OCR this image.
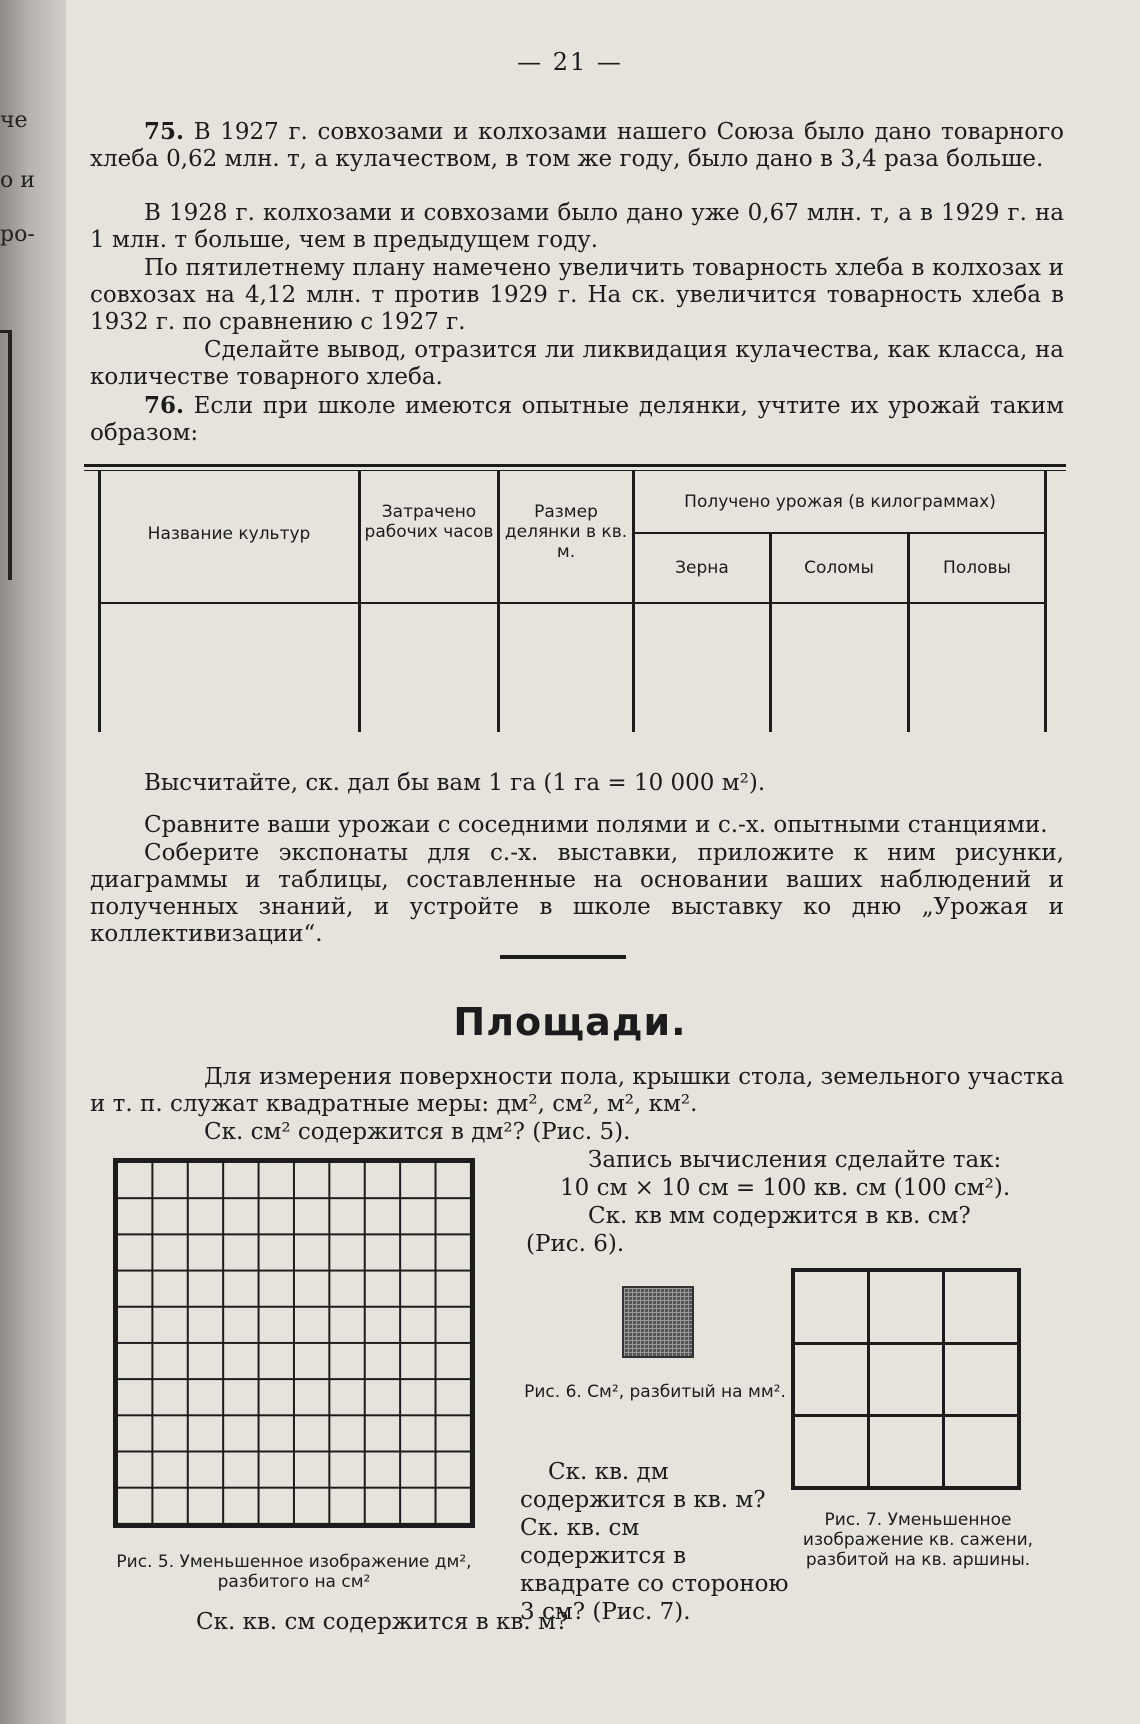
че
о и
ро-
— 21 —
75. В 1927 г. совхозами и колхозами нашего Союза было дано товарного хлеба 0,62 млн. т, а кулачеством, в том же году, было дано в 3,4 раза больше.
В 1928 г. колхозами и совхозами было дано уже 0,67 млн. т, а в 1929 г. на 1 млн. т больше, чем в предыдущем году.
По пятилетнему плану намечено увеличить товарность хлеба в колхозах и совхозах на 4,12 млн. т против 1929 г. На ск. увеличится товарность хлеба в 1932 г. по сравнению с 1927 г.
Сделайте вывод, отразится ли ликвидация кулачества, как класса, на количестве товарного хлеба.
76. Если при школе имеются опытные делянки, учтите их урожай таким образом:
Название культур
Затрачено рабочих часов
Размер делянки в кв. м.
Получено урожая (в килограммах)
Зерна	Соломы	Половы
Высчитайте, ск. дал бы вам 1 га (1 га = 10 000 м²).
Сравните ваши урожаи с соседними полями и с.-х. опытными станциями.
Соберите экспонаты для с.-х. выставки, приложите к ним рисунки, диаграммы и таблицы, составленные на основании ваших наблюдений и полученных знаний, и устройте в школе выставку ко дню „Урожая и коллективизации“.
Площади.
Для измерения поверхности пола, крышки стола, земельного участка и т. п. служат квадратные меры: дм², см², м², км².
Ск. см² содержится в дм²? (Рис. 5).
Рис. 5. Уменьшенное изображение дм², разбитого на см²
Запись вычисления сделайте так:
10 см × 10 см = 100 кв. см (100 см²).
Ск. кв мм содержится в кв. см?
(Рис. 6).
Рис. 6. См², разбитый на мм².
Рис. 7. Уменьшенное изображение кв. сажени, разбитой на кв. аршины.
Ск. кв. дм содержится в кв. м?
Ск. кв. см содержится в квадрате со стороною 3 см? (Рис. 7).
Ск. кв. см содержится в кв. м?
